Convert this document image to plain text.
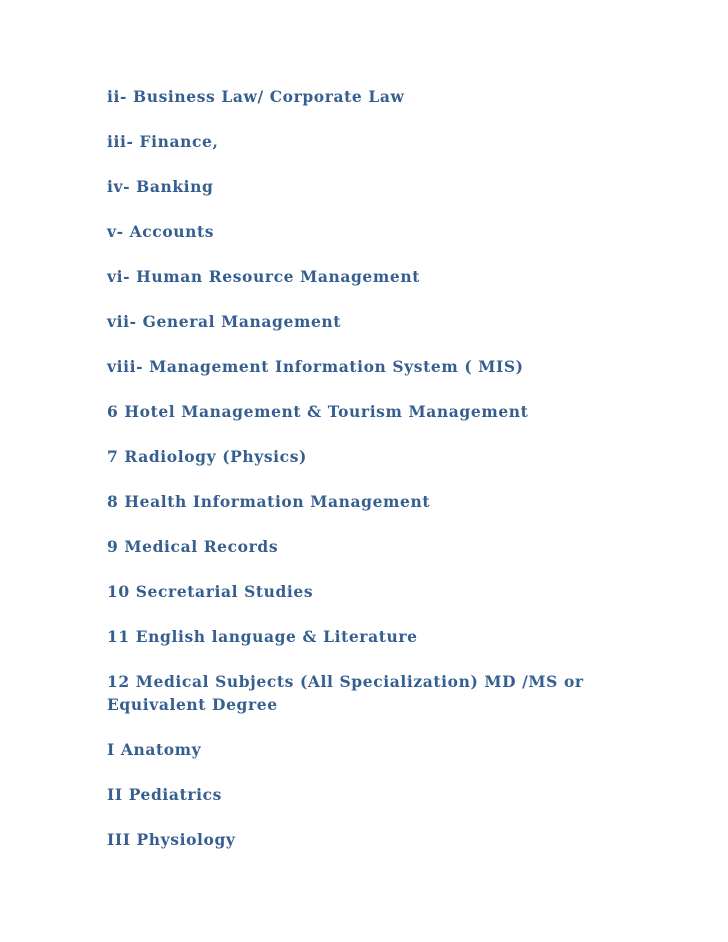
ii- Business Law/ Corporate Law

iii- Finance,

iv- Banking

v- Accounts

vi- Human Resource Management

vii- General Management

viii- Management Information System ( MIS)

6 Hotel Management & Tourism Management

7 Radiology (Physics)

8 Health Information Management

9 Medical Records

10 Secretarial Studies

11 English language & Literature

12 Medical Subjects (All Specialization) MD /MS or
Equivalent Degree

I Anatomy

II Pediatrics

III Physiology
